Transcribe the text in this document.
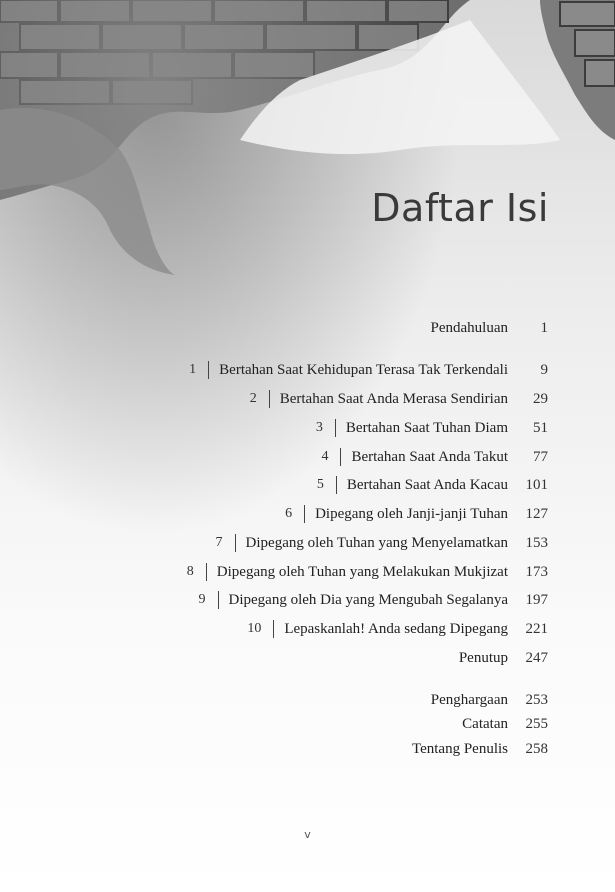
Daftar Isi
Pendahuluan	1
1 Bertahan Saat Kehidupan Terasa Tak Terkendali	9
2 Bertahan Saat Anda Merasa Sendirian	29
3 Bertahan Saat Tuhan Diam	51
4 Bertahan Saat Anda Takut	77
5 Bertahan Saat Anda Kacau	101
6 Dipegang oleh Janji-janji Tuhan	127
7 Dipegang oleh Tuhan yang Menyelamatkan	153
8 Dipegang oleh Tuhan yang Melakukan Mukjizat	173
9 Dipegang oleh Dia yang Mengubah Segalanya	197
10 Lepaskanlah! Anda sedang Dipegang	221
Penutup	247
Penghargaan	253
Catatan	255
Tentang Penulis	258
v
